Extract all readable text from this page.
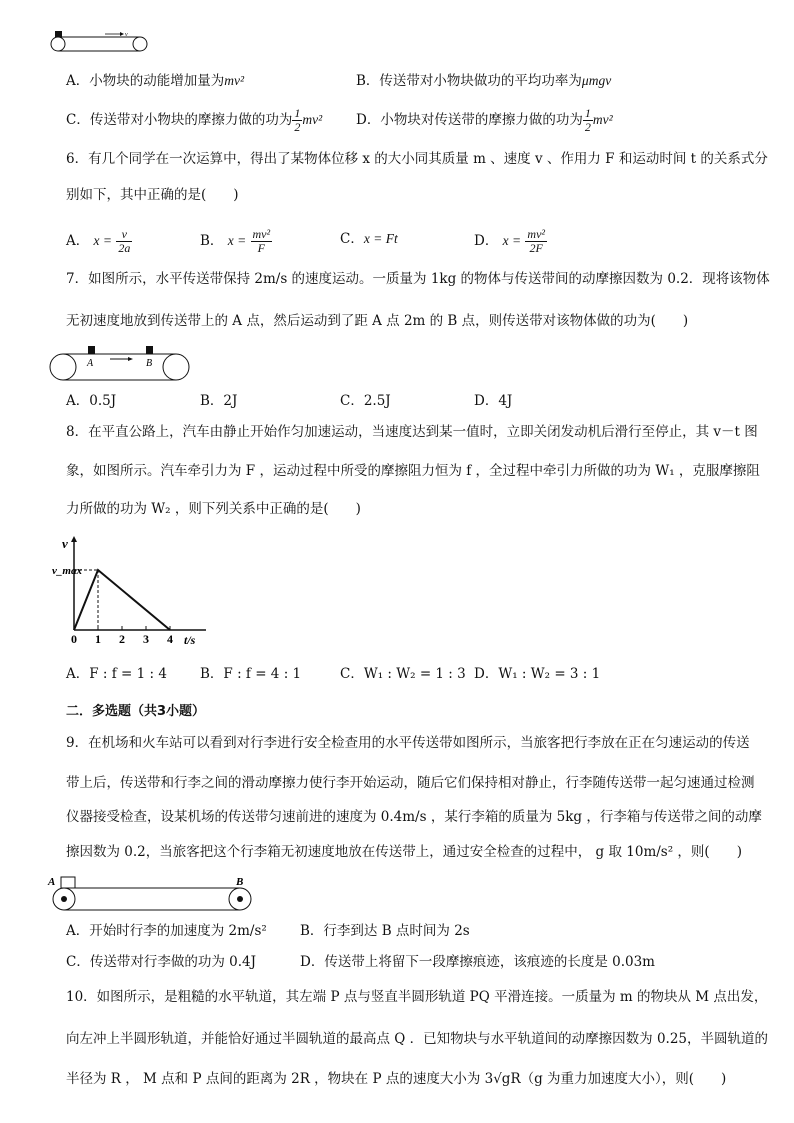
v
A．小物块的动能增加量为mv²	B．传送带对小物块做功的平均功率为μmgv
C．传送带对小物块的摩擦力做的功为 $\frac{1}{2} mv^2$	D．小物块对传送带的摩擦力做的功为 $\frac{1}{2} mv^2$
6．有几个同学在一次运算中，得出了某物体位移 x 的大小同其质量 m 、速度 v 、作用力 F 和运动时间 t 的关系式分
别如下，其中正确的是(　　)
A． $x = \frac{v}{2a}$	B． $x = \frac{\text{mv²}}{F}$	C．x = Ft	D． $x = \frac{\text{mv²}}{2F}$
7．如图所示，水平传送带保持 2m/s 的速度运动。一质量为 1kg 的物体与传送带间的动摩擦因数为 0.2．现将该物体
无初速度地放到传送带上的 A 点，然后运动到了距 A 点 2m 的 B 点，则传送带对该物体做的功为(　　)
A	B
A．0.5J	B．2J	C．2.5J	D．4J
8．在平直公路上，汽车由静止开始作匀加速运动，当速度达到某一值时，立即关闭发动机后滑行至停止，其 v－t 图
象，如图所示。汽车牵引力为 F ，运动过程中所受的摩擦阻力恒为 f ，全过程中牵引力所做的功为 W₁ ，克服摩擦阻
力所做的功为 W₂ ，则下列关系中正确的是(　　)
v
t/s
0 1 2 3 4
v_max
A．F : f = 1 : 4 B．F : f = 4 : 1	C．W₁ : W₂ = 1 : 3 D．W₁ : W₂ = 3 : 1
二．多选题（共3小题）
9．在机场和火车站可以看到对行李进行安全检查用的水平传送带如图所示，当旅客把行李放在正在匀速运动的传送
带上后，传送带和行李之间的滑动摩擦力使行李开始运动，随后它们保持相对静止，行李随传送带一起匀速通过检测
仪器接受检查，设某机场的传送带匀速前进的速度为 0.4m/s ，某行李箱的质量为 5kg ，行李箱与传送带之间的动摩
擦因数为 0.2，当旅客把这个行李箱无初速度地放在传送带上，通过安全检查的过程中， g 取 10m/s² ，则(　　)
A	B
A．开始时行李的加速度为 2m/s² B．行李到达 B 点时间为 2s
C．传送带对行李做的功为 0.4J	D．传送带上将留下一段摩擦痕迹，该痕迹的长度是 0.03m
10．如图所示，是粗糙的水平轨道，其左端 P 点与竖直半圆形轨道 PQ 平滑连接。一质量为 m 的物块从 M 点出发，
向左冲上半圆形轨道，并能恰好通过半圆轨道的最高点 Q ．已知物块与水平轨道间的动摩擦因数为 0.25，半圆轨道的
半径为 R ， M 点和 P 点间的距离为 2R ，物块在 P 点的速度大小为 3√gR（g 为重力加速度大小），则(　　)
